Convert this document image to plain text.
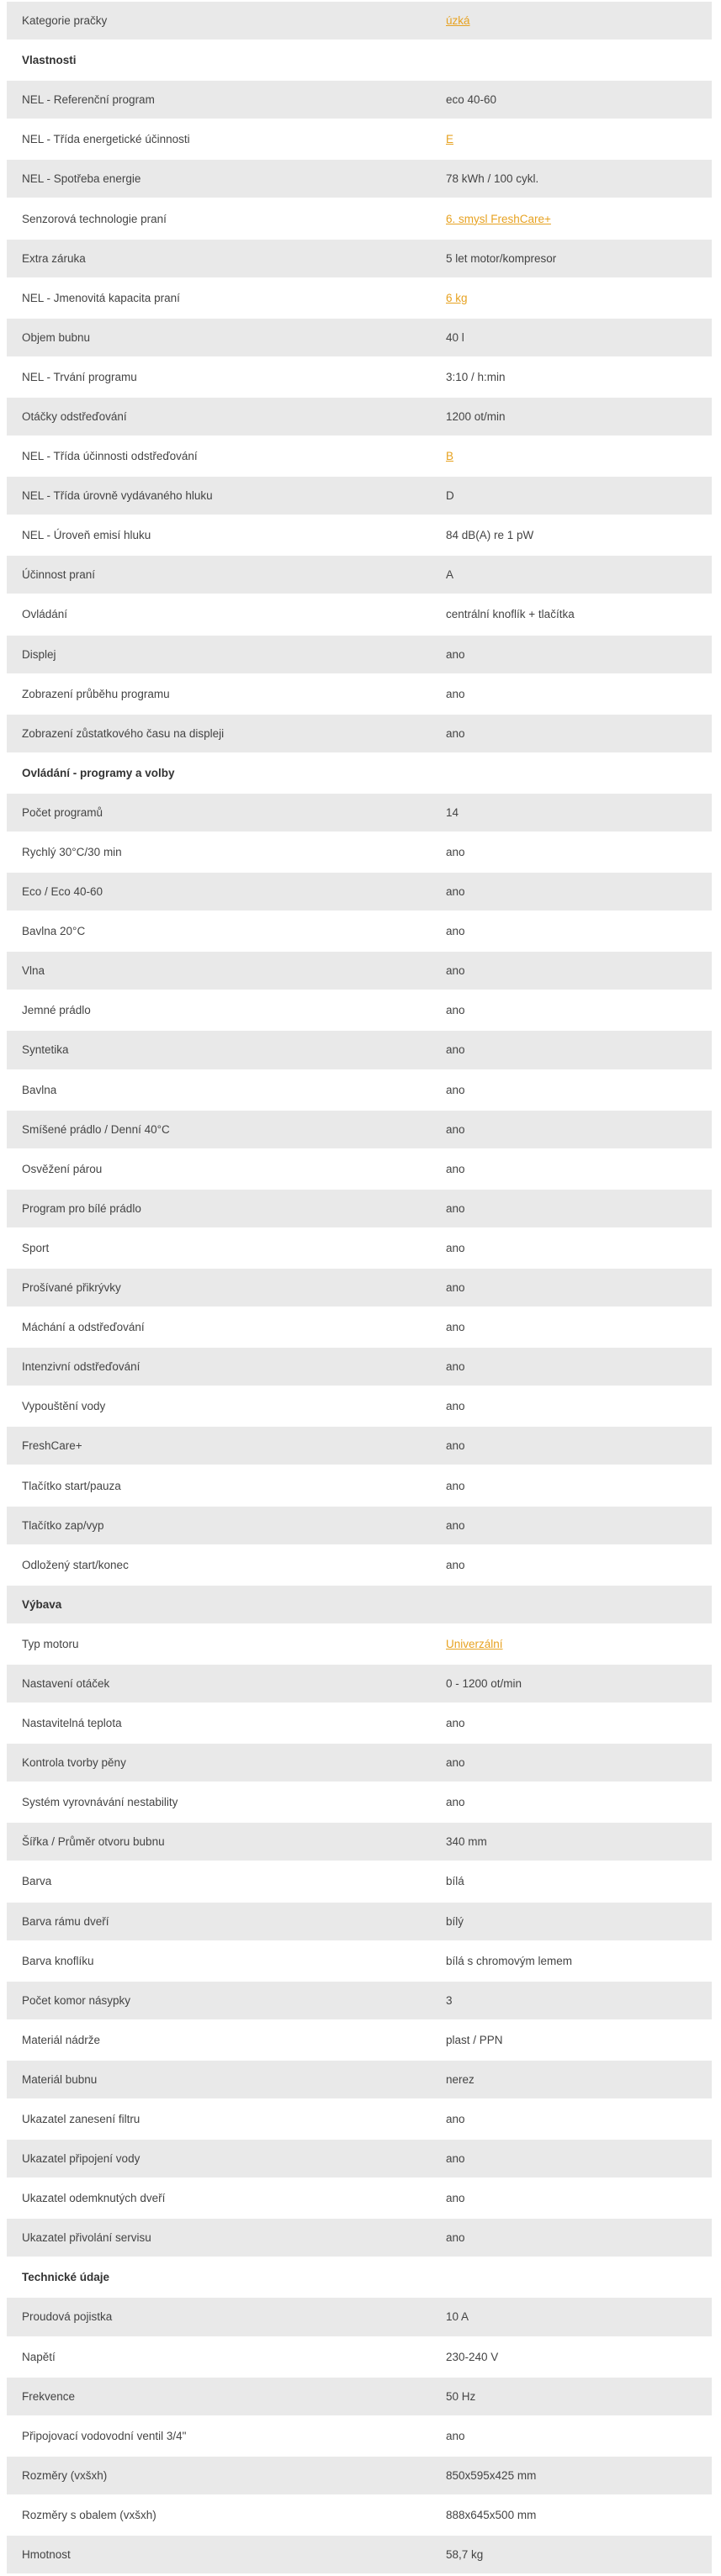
Kategorie pračky	úzká
Vlastnosti	
NEL - Referenční program	eco 40-60
NEL - Třída energetické účinnosti	E
NEL - Spotřeba energie	78 kWh / 100 cykl.
Senzorová technologie praní	6. smysl FreshCare+
Extra záruka	5 let motor/kompresor
NEL - Jmenovitá kapacita praní	6 kg
Objem bubnu	40 l
NEL - Trvání programu	3:10 / h:min
Otáčky odstřeďování	1200 ot/min
NEL - Třída účinnosti odstřeďování	B
NEL - Třída úrovně vydávaného hluku	D
NEL - Úroveň emisí hluku	84 dB(A) re 1 pW
Účinnost praní	A
Ovládání	centrální knoflík + tlačítka
Displej	ano
Zobrazení průběhu programu	ano
Zobrazení zůstatkového času na displeji	ano
Ovládání - programy a volby	
Počet programů	14
Rychlý 30°C/30 min	ano
Eco / Eco 40-60	ano
Bavlna 20°C	ano
Vlna	ano
Jemné prádlo	ano
Syntetika	ano
Bavlna	ano
Smíšené prádlo / Denní 40°C	ano
Osvěžení párou	ano
Program pro bílé prádlo	ano
Sport	ano
Prošívané přikrývky	ano
Máchání a odstřeďování	ano
Intenzivní odstřeďování	ano
Vypouštění vody	ano
FreshCare+	ano
Tlačítko start/pauza	ano
Tlačítko zap/vyp	ano
Odložený start/konec	ano
Výbava	
Typ motoru	Univerzální
Nastavení otáček	0 - 1200 ot/min
Nastavitelná teplota	ano
Kontrola tvorby pěny	ano
Systém vyrovnávání nestability	ano
Šířka / Průměr otvoru bubnu	340 mm
Barva	bílá
Barva rámu dveří	bílý
Barva knoflíku	bílá s chromovým lemem
Počet komor násypky	3
Materiál nádrže	plast / PPN
Materiál bubnu	nerez
Ukazatel zanesení filtru	ano
Ukazatel připojení vody	ano
Ukazatel odemknutých dveří	ano
Ukazatel přivolání servisu	ano
Technické údaje	
Proudová pojistka	10 A
Napětí	230-240 V
Frekvence	50 Hz
Připojovací vodovodní ventil 3/4"	ano
Rozměry (vxšxh)	850x595x425 mm
Rozměry s obalem (vxšxh)	888x645x500 mm
Hmotnost	58,7 kg
